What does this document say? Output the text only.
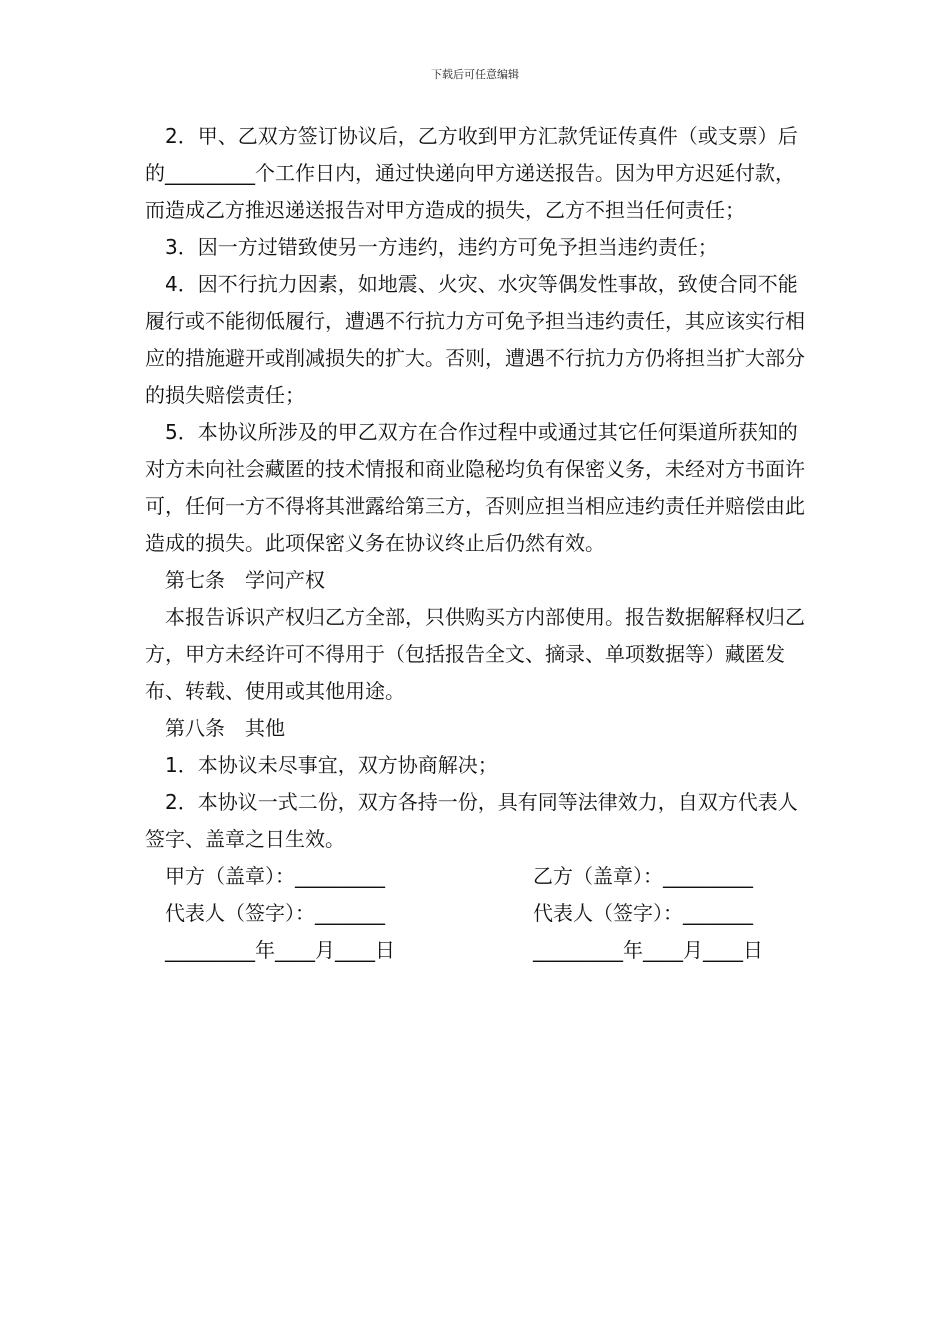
下载后可任意编辑

2．甲、乙双方签订协议后，乙方收到甲方汇款凭证传真件（或支票）后的_________个工作日内，通过快递向甲方递送报告。因为甲方迟延付款，而造成乙方推迟递送报告对甲方造成的损失，乙方不担当任何责任；

3．因一方过错致使另一方违约，违约方可免予担当违约责任；

4．因不行抗力因素，如地震、火灾、水灾等偶发性事故，致使合同不能履行或不能彻低履行，遭遇不行抗力方可免予担当违约责任，其应该实行相应的措施避开或削减损失的扩大。否则，遭遇不行抗力方仍将担当扩大部分的损失赔偿责任；

5．本协议所涉及的甲乙双方在合作过程中或通过其它任何渠道所获知的对方未向社会藏匿的技术情报和商业隐秘均负有保密义务，未经对方书面许可，任何一方不得将其泄露给第三方，否则应担当相应违约责任并赔偿由此造成的损失。此项保密义务在协议终止后仍然有效。

第七条　学问产权

本报告诉识产权归乙方全部，只供购买方内部使用。报告数据解释权归乙方，甲方未经许可不得用于（包括报告全文、摘录、单项数据等）藏匿发布、转载、使用或其他用途。

第八条　其他

1．本协议未尽事宜，双方协商解决；

2．本协议一式二份，双方各持一份，具有同等法律效力，自双方代表人签字、盖章之日生效。

甲方（盖章）：_________	乙方（盖章）：_________
代表人（签字）：_______	代表人（签字）：_______
_________年____月____日	_________年____月____日
